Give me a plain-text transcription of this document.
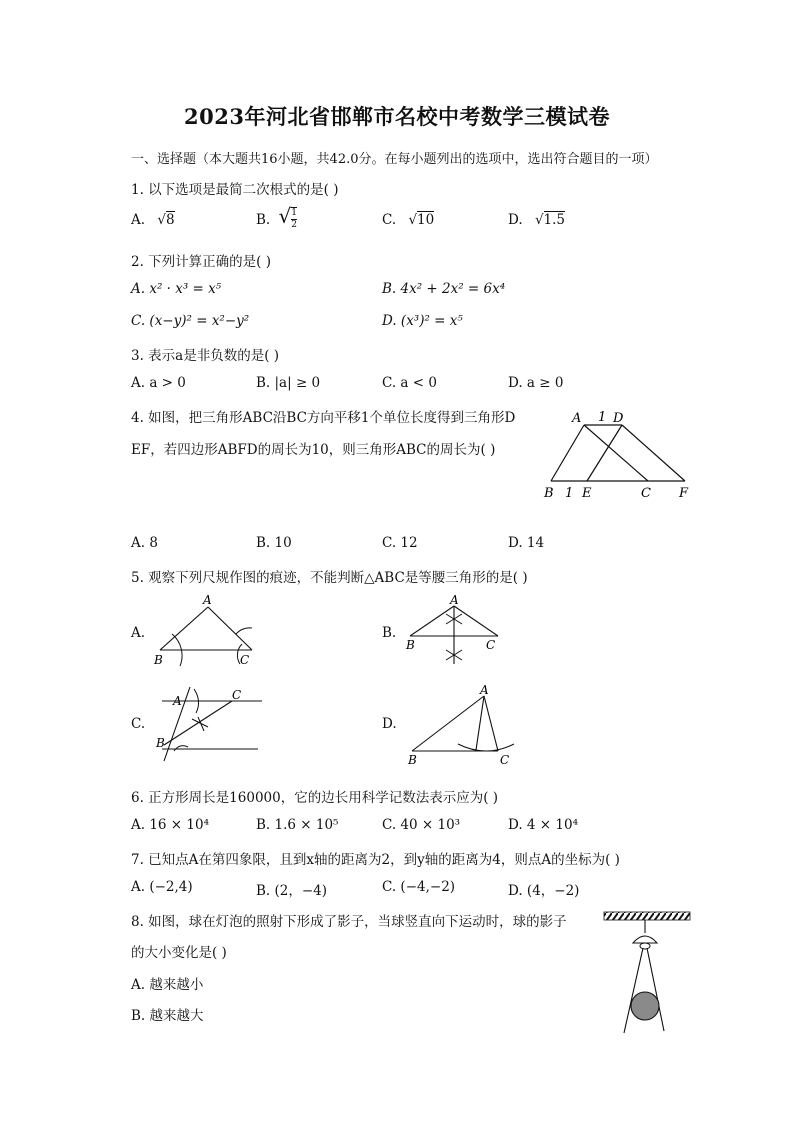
2023年河北省邯郸市名校中考数学三模试卷
一、选择题（本大题共16小题，共42.0分。在每小题列出的选项中，选出符合题目的一项）
1. 以下选项是最简二次根式的是( )
A. √8	B. √ $\frac{1}{2}$	C. √10	D. √1.5
2. 下列计算正确的是( )
A. x² · x³ = x⁵	B. 4x² + 2x² = 6x⁴
C. (x−y)² = x²−y²	D. (x³)² = x⁵
3. 表示a是非负数的是( )
A. a > 0	B. |a| ≥ 0	C. a < 0	D. a ≥ 0
4. 如图，把三角形ABC沿BC方向平移1个单位长度得到三角形D
EF，若四边形ABFD的周长为10，则三角形ABC的周长为( )
A 1 D
B 1 E	C F
A. 8	B. 10	C. 12	D. 14
5. 观察下列尺规作图的痕迹，不能判断△ABC是等腰三角形的是( )
A.
A
B	C
B.
A
B	C
C.
A	C
B
D.
A
B	C
6. 正方形周长是160000，它的边长用科学记数法表示应为( )
A. 16 × 10⁴	B. 1.6 × 10⁵	C. 40 × 10³	D. 4 × 10⁴
7. 已知点A在第四象限，且到x轴的距离为2，到y轴的距离为4，则点A的坐标为( )
A. (−2,4)	B. (2，−4)	C. (−4,−2)	D. (4，−2)
8. 如图，球在灯泡的照射下形成了影子，当球竖直向下运动时，球的影子
的大小变化是( )
A. 越来越小
B. 越来越大
